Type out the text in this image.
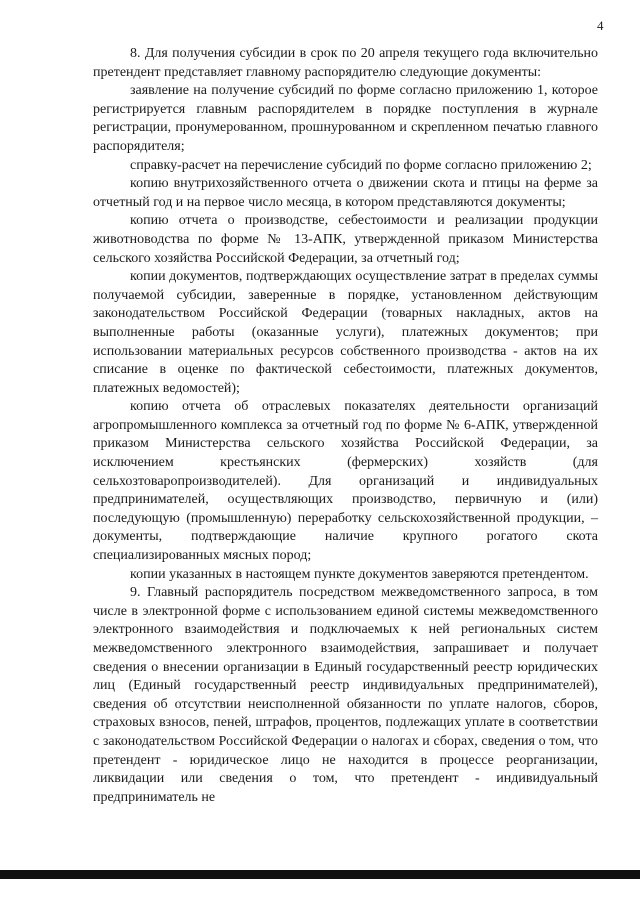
4

8. Для получения субсидии в срок по 20 апреля текущего года включительно претендент представляет главному распорядителю следующие документы:

заявление на получение субсидий по форме согласно приложению 1, которое регистрируется главным распорядителем в порядке поступления в журнале регистрации, пронумерованном, прошнурованном и скрепленном печатью главного распорядителя;

справку-расчет на перечисление субсидий по форме согласно приложению 2;

копию внутрихозяйственного отчета о движении скота и птицы на ферме за отчетный год и на первое число месяца, в котором представляются документы;

копию отчета о производстве, себестоимости и реализации продукции животноводства по форме № 13-АПК, утвержденной приказом Министерства сельского хозяйства Российской Федерации, за отчетный год;

копии документов, подтверждающих осуществление затрат в пределах суммы получаемой субсидии, заверенные в порядке, установленном действующим законодательством Российской Федерации (товарных накладных, актов на выполненные работы (оказанные услуги), платежных документов; при использовании материальных ресурсов собственного производства - актов на их списание в оценке по фактической себестоимости, платежных документов, платежных ведомостей);

копию отчета об отраслевых показателях деятельности организаций агропромышленного комплекса за отчетный год по форме № 6-АПК, утвержденной приказом Министерства сельского хозяйства Российской Федерации, за исключением крестьянских (фермерских) хозяйств (для сельхозтоваропроизводителей). Для организаций и индивидуальных предпринимателей, осуществляющих производство, первичную и (или) последующую (промышленную) переработку сельскохозяйственной продукции, – документы, подтверждающие наличие крупного рогатого скота специализированных мясных пород;

копии указанных в настоящем пункте документов заверяются претендентом.

9. Главный распорядитель посредством межведомственного запроса, в том числе в электронной форме с использованием единой системы межведомственного электронного взаимодействия и подключаемых к ней региональных систем межведомственного электронного взаимодействия, запрашивает и получает сведения о внесении организации в Единый государственный реестр юридических лиц (Единый государственный реестр индивидуальных предпринимателей), сведения об отсутствии неисполненной обязанности по уплате налогов, сборов, страховых взносов, пеней, штрафов, процентов, подлежащих уплате в соответствии с законодательством Российской Федерации о налогах и сборах, сведения о том, что претендент - юридическое лицо не находится в процессе реорганизации, ликвидации или сведения о том, что претендент - индивидуальный предприниматель не
